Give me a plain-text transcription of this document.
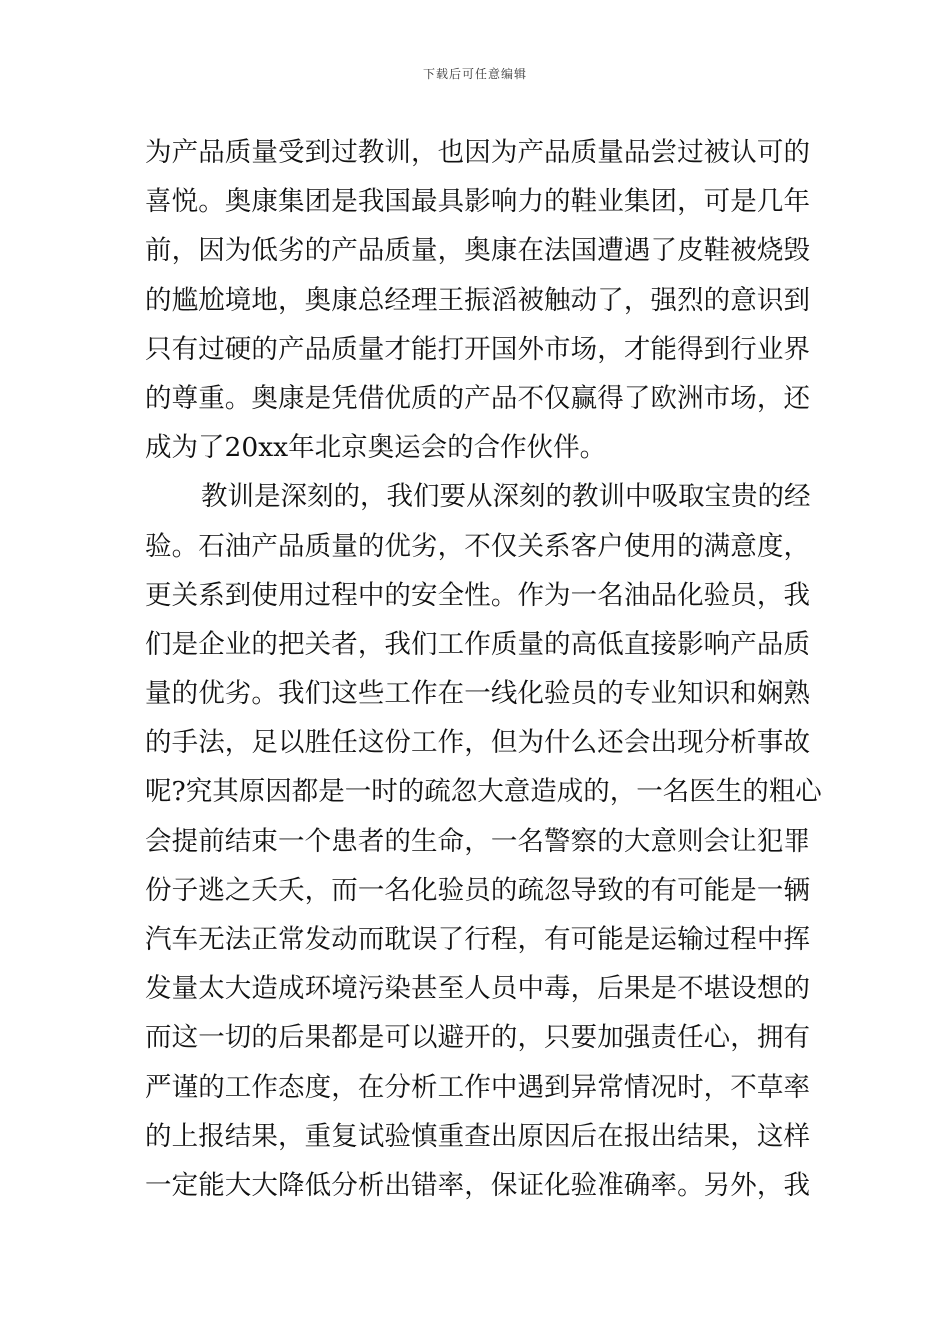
下载后可任意编辑
为产品质量受到过教训，也因为产品质量品尝过被认可的
喜悦。奥康集团是我国最具影响力的鞋业集团，可是几年
前，因为低劣的产品质量，奥康在法国遭遇了皮鞋被烧毁
的尴尬境地，奥康总经理王振滔被触动了，强烈的意识到
只有过硬的产品质量才能打开国外市场，才能得到行业界
的尊重。奥康是凭借优质的产品不仅赢得了欧洲市场，还
成为了20xx年北京奥运会的合作伙伴。
教训是深刻的，我们要从深刻的教训中吸取宝贵的经
验。石油产品质量的优劣，不仅关系客户使用的满意度，
更关系到使用过程中的安全性。作为一名油品化验员，我
们是企业的把关者，我们工作质量的高低直接影响产品质
量的优劣。我们这些工作在一线化验员的专业知识和娴熟
的手法，足以胜任这份工作，但为什么还会出现分析事故
呢?究其原因都是一时的疏忽大意造成的，一名医生的粗心
会提前结束一个患者的生命，一名警察的大意则会让犯罪
份子逃之夭夭，而一名化验员的疏忽导致的有可能是一辆
汽车无法正常发动而耽误了行程，有可能是运输过程中挥
发量太大造成环境污染甚至人员中毒，后果是不堪设想的
而这一切的后果都是可以避开的，只要加强责任心，拥有
严谨的工作态度，在分析工作中遇到异常情况时，不草率
的上报结果，重复试验慎重查出原因后在报出结果，这样
一定能大大降低分析出错率，保证化验准确率。另外，我
